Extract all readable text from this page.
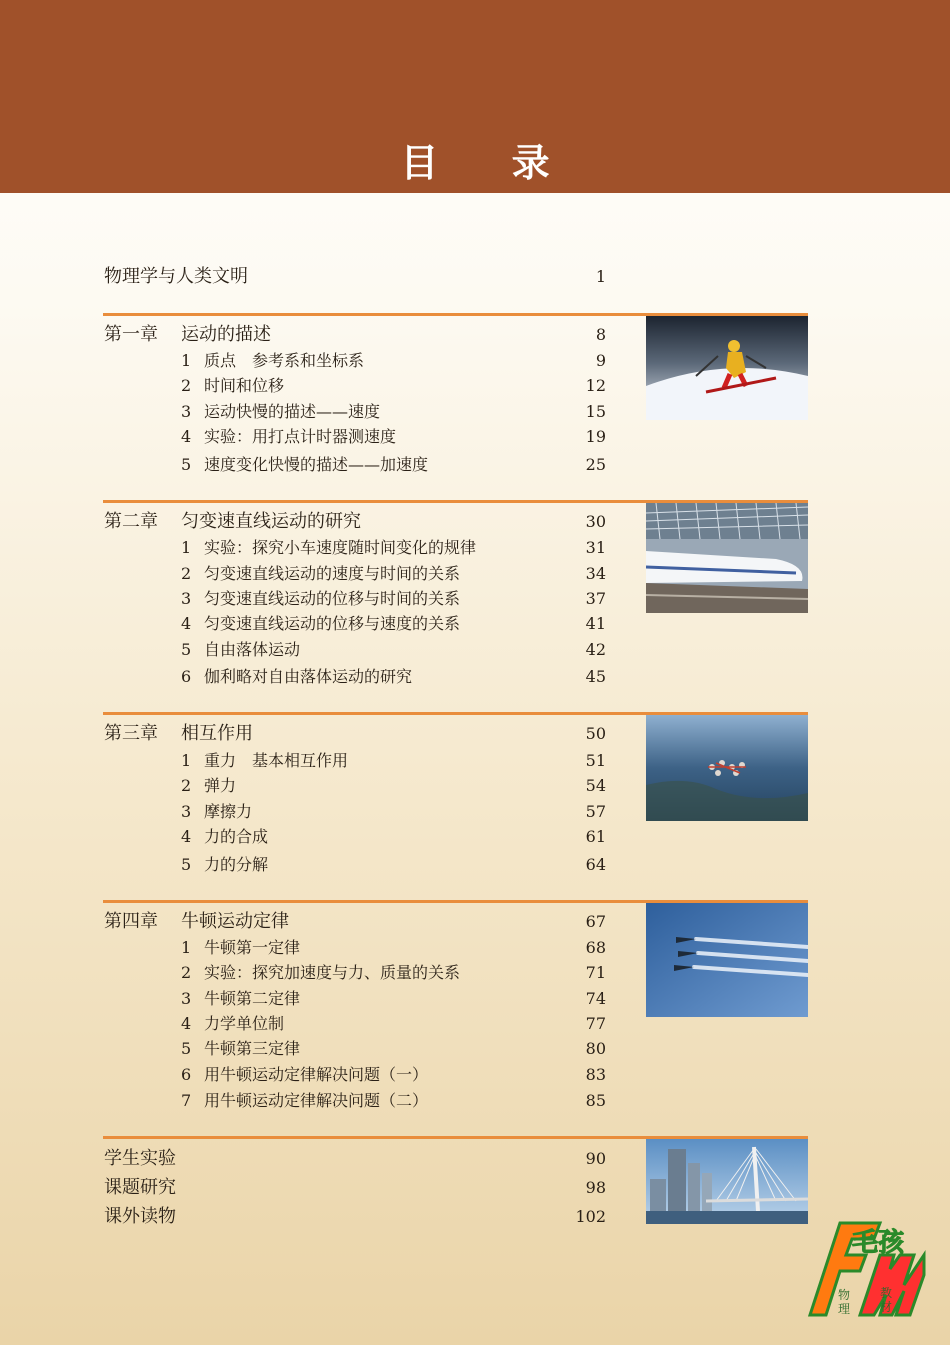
目 录
物理学与人类文明	1
第一章 运动的描述	8
1 质点　参考系和坐标系	9
2 时间和位移	12
3 运动快慢的描述——速度	15
4 实验：用打点计时器测速度	19
5 速度变化快慢的描述——加速度	25
第二章 匀变速直线运动的研究	30
1 实验：探究小车速度随时间变化的规律	31
2 匀变速直线运动的速度与时间的关系	34
3 匀变速直线运动的位移与时间的关系	37
4 匀变速直线运动的位移与速度的关系	41
5 自由落体运动	42
6 伽利略对自由落体运动的研究	45
第三章 相互作用	50
1 重力　基本相互作用	51
2 弹力	54
3 摩擦力	57
4 力的合成	61
5 力的分解	64
第四章 牛顿运动定律	67
1 牛顿第一定律	68
2 实验：探究加速度与力、质量的关系	71
3 牛顿第二定律	74
4 力学单位制	77
5 牛顿第三定律	80
6 用牛顿运动定律解决问题（一）	83
7 用牛顿运动定律解决问题（二）	85
学生实验	90
课题研究	98
课外读物	102
毛孩
物
理
教
材
